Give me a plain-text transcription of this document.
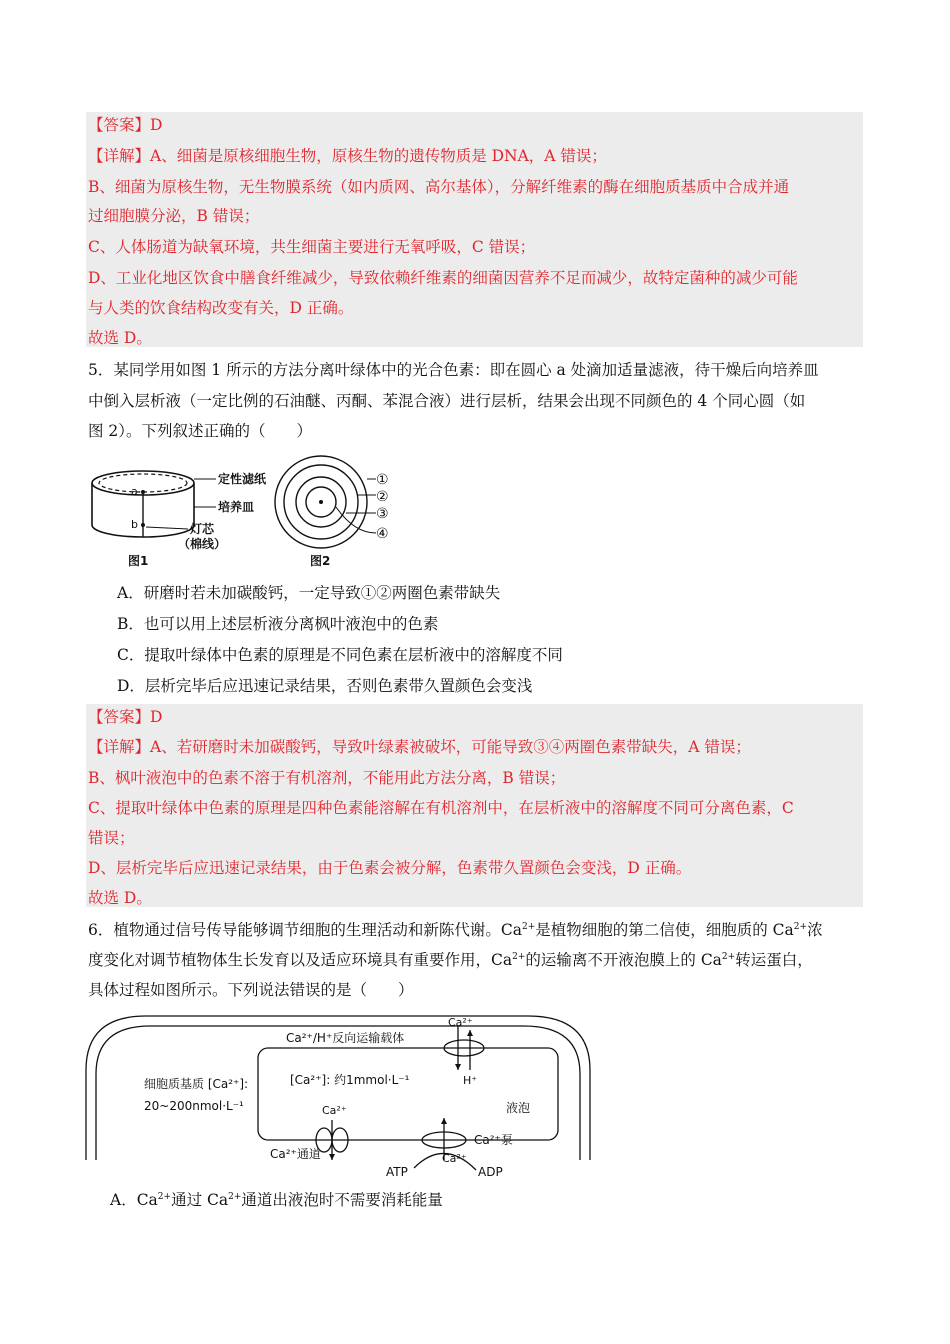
【答案】D
【详解】A、细菌是原核细胞生物，原核生物的遗传物质是 DNA，A 错误；
B、细菌为原核生物，无生物膜系统（如内质网、高尔基体），分解纤维素的酶在细胞质基质中合成并通
过细胞膜分泌，B 错误；
C、人体肠道为缺氧环境，共生细菌主要进行无氧呼吸，C 错误；
D、工业化地区饮食中膳食纤维减少，导致依赖纤维素的细菌因营养不足而减少，故特定菌种的减少可能
与人类的饮食结构改变有关，D 正确。
故选 D。
5．某同学用如图 1 所示的方法分离叶绿体中的光合色素：即在圆心 a 处滴加适量滤液，待干燥后向培养皿
中倒入层析液（一定比例的石油醚、丙酮、苯混合液）进行层析，结果会出现不同颜色的 4 个同心圆（如
图 2）。下列叙述正确的（　　）
a
b
定性滤纸
培养皿
灯芯
（棉线）
图1
①
②
③
④
图2
A．研磨时若未加碳酸钙，一定导致①②两圈色素带缺失
B．也可以用上述层析液分离枫叶液泡中的色素
C．提取叶绿体中色素的原理是不同色素在层析液中的溶解度不同
D．层析完毕后应迅速记录结果，否则色素带久置颜色会变浅
【答案】D
【详解】A、若研磨时未加碳酸钙，导致叶绿素被破坏，可能导致③④两圈色素带缺失，A 错误；
B、枫叶液泡中的色素不溶于有机溶剂，不能用此方法分离，B 错误；
C、提取叶绿体中色素的原理是四种色素能溶解在有机溶剂中，在层析液中的溶解度不同可分离色素，C
错误；
D、层析完毕后应迅速记录结果，由于色素会被分解，色素带久置颜色会变浅，D 正确。
故选 D。
6．植物通过信号传导能够调节细胞的生理活动和新陈代谢。$Ca^{2+}$是植物细胞的第二信使，细胞质的 $Ca^{2+}$浓
度变化对调节植物体生长发育以及适应环境具有重要作用，$Ca^{2+}$的运输离不开液泡膜上的 $Ca^{2+}$转运蛋白，
具体过程如图所示。下列说法错误的是（　　）
Ca²⁺
Ca²⁺/H⁺反向运输载体
H⁺
细胞质基质 [Ca²⁺]:
20~200nmol·L⁻¹
[Ca²⁺]: 约1mmol·L⁻¹
液泡
Ca²⁺
Ca²⁺通道
Ca²⁺泵
Ca²⁺
ATP	ADP
A．$Ca^{2+}$通过 $Ca^{2+}$通道出液泡时不需要消耗能量
